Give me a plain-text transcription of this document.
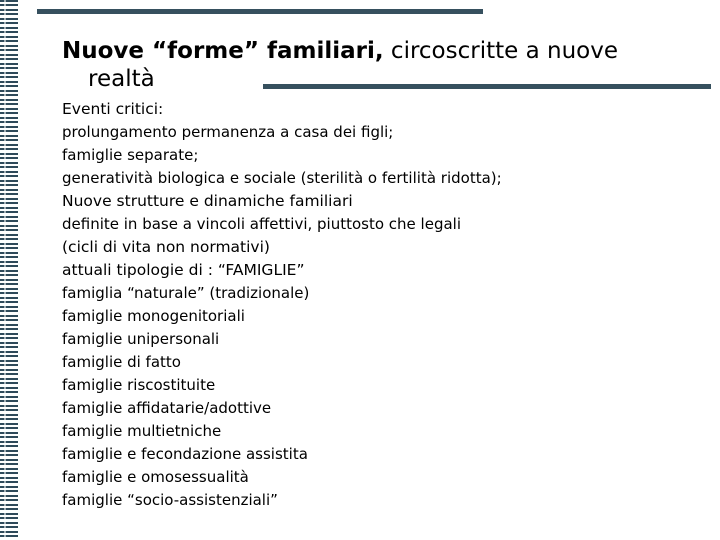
Nuove “forme” familiari, circoscritte a nuove
realtà
Eventi critici:
prolungamento permanenza a casa dei figli;
famiglie separate;
generatività biologica e sociale (sterilità o fertilità ridotta);
Nuove strutture e dinamiche familiari
definite in base a vincoli affettivi, piuttosto che legali
(cicli di vita non normativi)
attuali tipologie di : “FAMIGLIE”
famiglia “naturale” (tradizionale)
famiglie monogenitoriali
famiglie unipersonali
famiglie di fatto
famiglie riscostituite
famiglie affidatarie/adottive
famiglie multietniche
famiglie e fecondazione assistita
famiglie e omosessualità
famiglie “socio-assistenziali”
